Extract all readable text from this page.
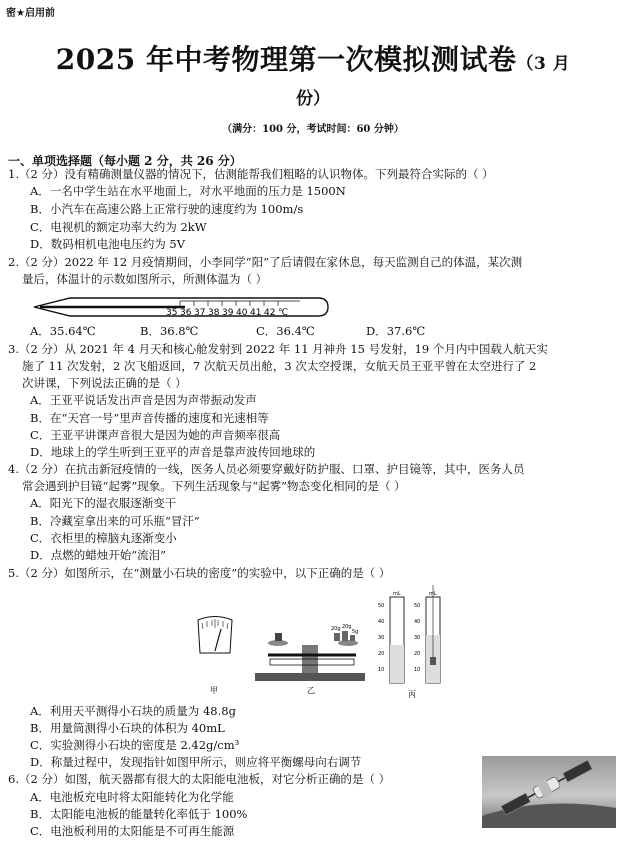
密★启用前
2025 年中考物理第一次模拟测试卷（3 月
份）
（满分：100 分，考试时间：60 分钟）
一、单项选择题（每小题 2 分，共 26 分）
1.（2 分）没有精确测量仪器的情况下，估测能帮我们粗略的认识物体。下列最符合实际的（ ）
A．一名中学生站在水平地面上，对水平地面的压力是 1500N
B．小汽车在高速公路上正常行驶的速度约为 100m/s
C．电视机的额定功率大约为 2kW
D．数码相机电池电压约为 5V
2.（2 分）2022 年 12 月疫情期间，小李同学“阳”了后请假在家休息，每天监测自己的体温，某次测
量后，体温计的示数如图所示，所测体温为（ ）
35 36 37 38 39 40 41 42 ℃
A．35.64℃	B．36.8℃	C．36.4℃	D．37.6℃
3.（2 分）从 2021 年 4 月天和核心舱发射到 2022 年 11 月神舟 15 号发射，19 个月内中国载人航天实
施了 11 次发射，2 次飞船返回，7 次航天员出舱，3 次太空授课，女航天员王亚平曾在太空进行了 2
次讲课，下列说法正确的是（ ）
A．王亚平说话发出声音是因为声带振动发声
B．在“天宫一号”里声音传播的速度和光速相等
C．王亚平讲课声音很大是因为她的声音频率很高
D．地球上的学生听到王亚平的声音是靠声波传回地球的
4.（2 分）在抗击新冠疫情的一线，医务人员必须要穿戴好防护服、口罩、护目镜等，其中，医务人员
常会遇到护目镜“起雾”现象。下列生活现象与“起雾”物态变化相同的是（ ）
A．阳光下的湿衣服逐渐变干
B．冷藏室拿出来的可乐瓶“冒汗”
C．衣柜里的樟脑丸逐渐变小
D．点燃的蜡烛开始“流泪”
5.（2 分）如图所示，在“测量小石块的密度”的实验中，以下正确的是（ ）
甲
20g 20g
5g
乙
mL	mL
50
40
30
20
10
50
40
30
20
10
丙
A．利用天平测得小石块的质量为 48.8g
B．用量筒测得小石块的体积为 40mL
C．实验测得小石块的密度是 2.42g/cm³
D．称量过程中，发现指针如图甲所示，则应将平衡螺母向右调节
6.（2 分）如图，航天器都有很大的太阳能电池板，对它分析正确的是（ ）
A．电池板充电时将太阳能转化为化学能
B．太阳能电池板的能量转化率低于 100%
C．电池板利用的太阳能是不可再生能源
